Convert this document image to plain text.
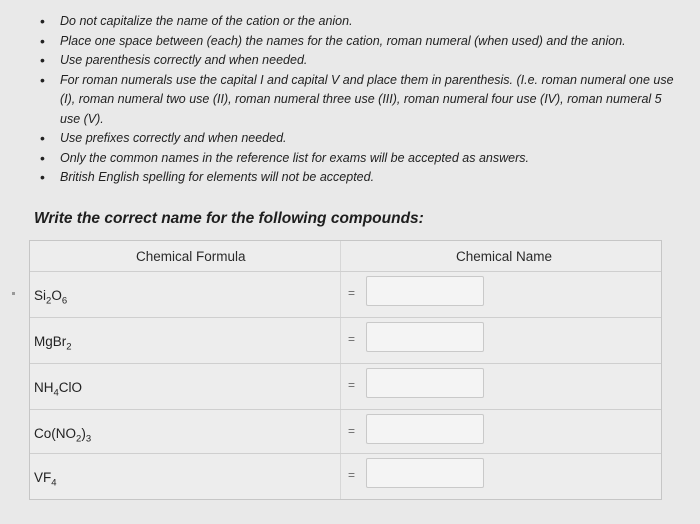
• Do not capitalize the name of the cation or the anion.
• Place one space between (each) the names for the cation, roman numeral (when used) and the anion.
• Use parenthesis correctly and when needed.
• For roman numerals use the capital I and capital V and place them in parenthesis. (I.e. roman numeral one use (I), roman numeral two use (II), roman numeral three use (III), roman numeral four use (IV), roman numeral 5 use (V).
• Use prefixes correctly and when needed.
• Only the common names in the reference list for exams will be accepted as answers.
• British English spelling for elements will not be accepted.
Write the correct name for the following compounds:
Chemical Formula	Chemical Name
$Si_2O_6$
=
MgBr$_2$
=
$NH_4ClO$	=
$Co(NO_2)_3$
=
$VF_4$
=
